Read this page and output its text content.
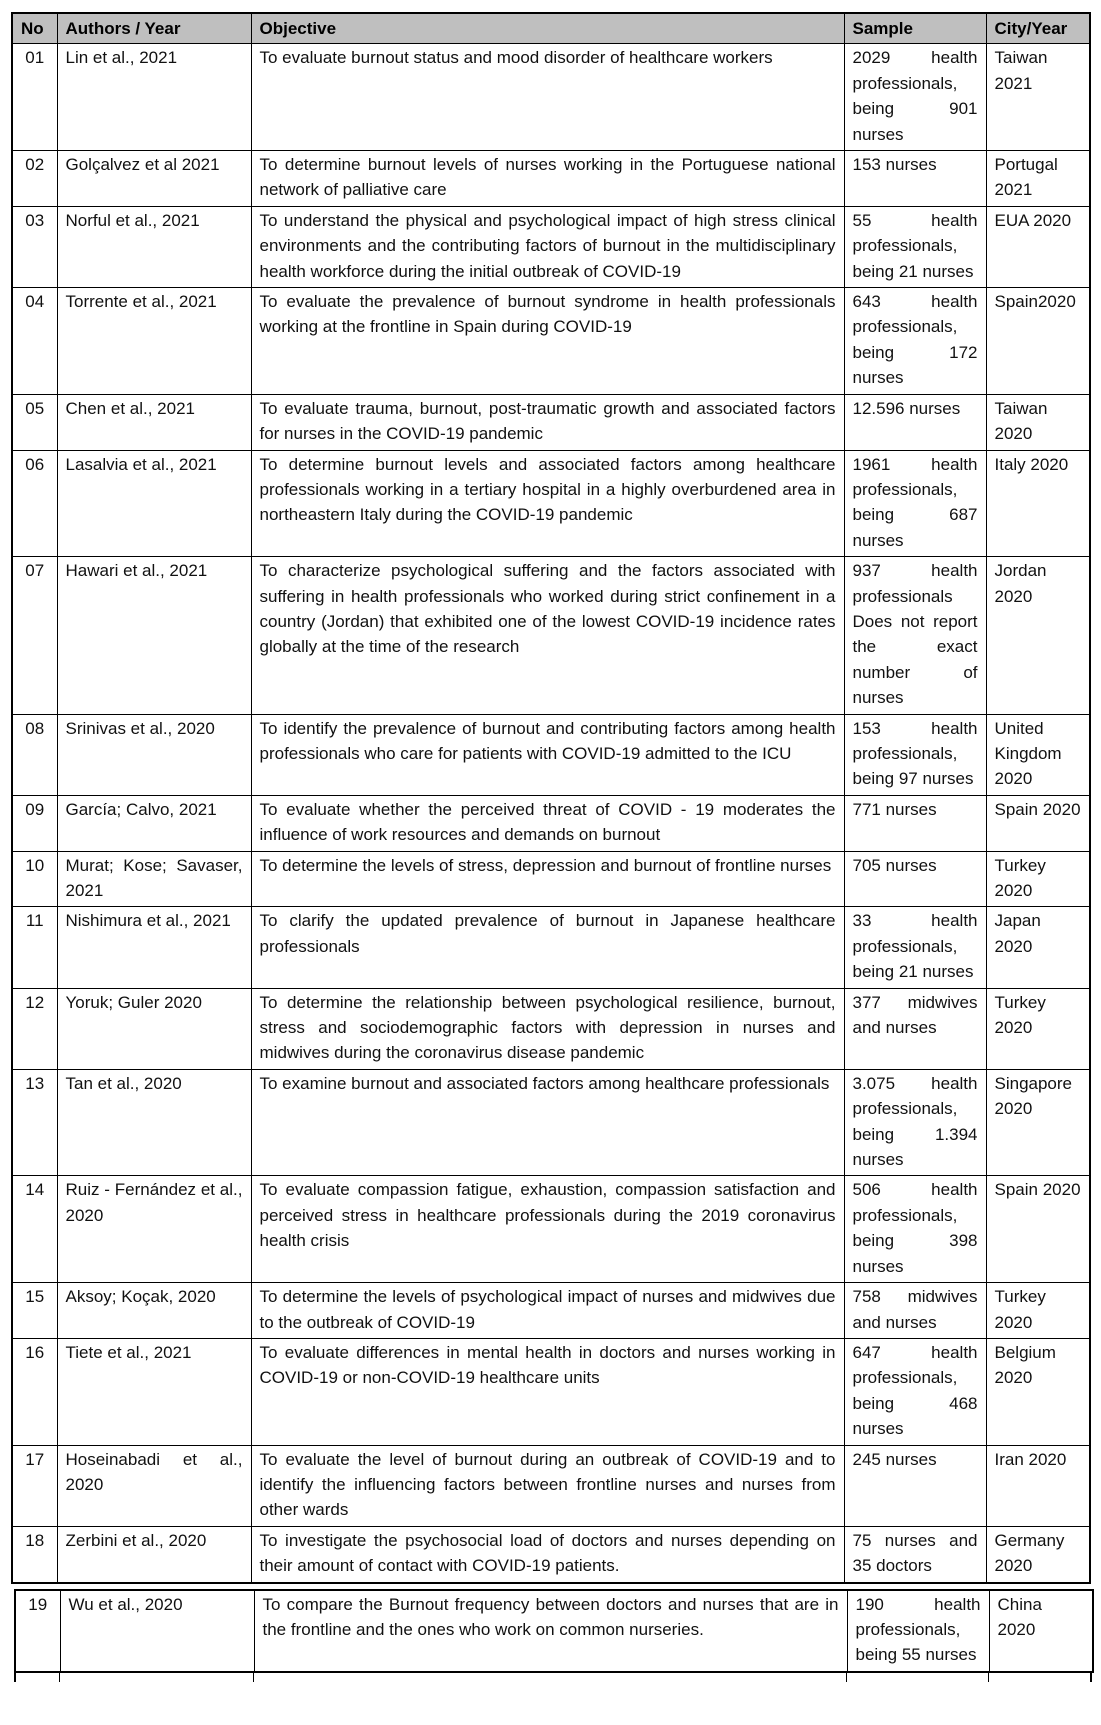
No	Authors / Year	Objective	Sample	City/Year
01	Lin et al., 2021	To evaluate burnout status and mood disorder of healthcare workers	2029 health professionals, being 901 nurses	Taiwan 2021
02	Golçalvez et al 2021	To determine burnout levels of nurses working in the Portuguese national network of palliative care	153 nurses	Portugal 2021
03	Norful et al., 2021	To understand the physical and psychological impact of high stress clinical environments and the contributing factors of burnout in the multidisciplinary health workforce during the initial outbreak of COVID-19	55 health professionals, being 21 nurses	EUA 2020
04	Torrente et al., 2021	To evaluate the prevalence of burnout syndrome in health professionals working at the frontline in Spain during COVID-19	643 health professionals, being 172 nurses	Spain2020
05	Chen et al., 2021	To evaluate trauma, burnout, post-traumatic growth and associated factors for nurses in the COVID-19 pandemic	12.596 nurses	Taiwan 2020
06	Lasalvia et al., 2021	To determine burnout levels and associated factors among healthcare professionals working in a tertiary hospital in a highly overburdened area in northeastern Italy during the COVID-19 pandemic	1961 health professionals, being 687 nurses	Italy 2020
07	Hawari et al., 2021	To characterize psychological suffering and the factors associated with suffering in health professionals who worked during strict confinement in a country (Jordan) that exhibited one of the lowest COVID-19 incidence rates globally at the time of the research	937 health professionals Does not report the exact number of nurses	Jordan 2020
08	Srinivas et al., 2020	To identify the prevalence of burnout and contributing factors among health professionals who care for patients with COVID-19 admitted to the ICU	153 health professionals, being 97 nurses	United Kingdom 2020
09	García; Calvo, 2021	To evaluate whether the perceived threat of COVID - 19 moderates the influence of work resources and demands on burnout	771 nurses	Spain 2020
10	Murat; Kose; Savaser, 2021	To determine the levels of stress, depression and burnout of frontline nurses	705 nurses	Turkey 2020
11	Nishimura et al., 2021	To clarify the updated prevalence of burnout in Japanese healthcare professionals	33 health professionals, being 21 nurses	Japan 2020
12	Yoruk; Guler 2020	To determine the relationship between psychological resilience, burnout, stress and sociodemographic factors with depression in nurses and midwives during the coronavirus disease pandemic	377 midwives and nurses	Turkey 2020
13	Tan et al., 2020	To examine burnout and associated factors among healthcare professionals	3.075 health professionals, being 1.394 nurses	Singapore 2020
14	Ruiz - Fernández et al., 2020	To evaluate compassion fatigue, exhaustion, compassion satisfaction and perceived stress in healthcare professionals during the 2019 coronavirus health crisis	506 health professionals, being 398 nurses	Spain 2020
15	Aksoy; Koçak, 2020	To determine the levels of psychological impact of nurses and midwives due to the outbreak of COVID-19	758 midwives and nurses	Turkey 2020
16	Tiete et al., 2021	To evaluate differences in mental health in doctors and nurses working in COVID-19 or non-COVID-19 healthcare units	647 health professionals, being 468 nurses	Belgium 2020
17	Hoseinabadi et al., 2020	To evaluate the level of burnout during an outbreak of COVID-19 and to identify the influencing factors between frontline nurses and nurses from other wards	245 nurses	Iran 2020
18	Zerbini et al., 2020	To investigate the psychosocial load of doctors and nurses depending on their amount of contact with COVID-19 patients.	75 nurses and 35 doctors	Germany 2020
19	Wu et al., 2020	To compare the Burnout frequency between doctors and nurses that are in the frontline and the ones who work on common nurseries.	190 health professionals, being 55 nurses	China 2020
